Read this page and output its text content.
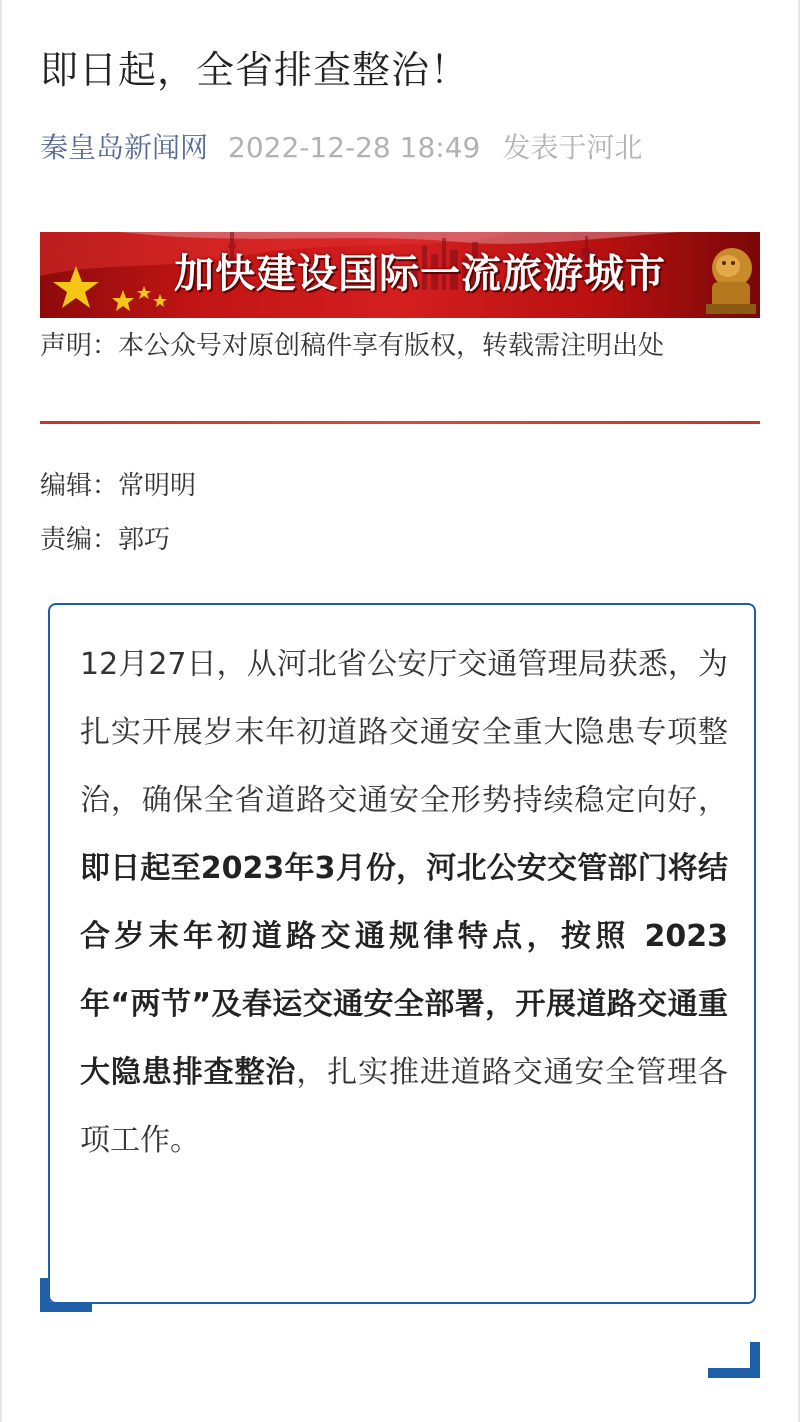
即日起，全省排查整治！
秦皇岛新闻网 2022-12-28 18:49 发表于河北
加快建设国际一流旅游城市
声明：本公众号对原创稿件享有版权，转载需注明出处
编辑：常明明
责编：郭巧

12月27日，从河北省公安厅交通管理局获悉，为扎实开展岁末年初道路交通安全重大隐患专项整治，确保全省道路交通安全形势持续稳定向好，即日起至2023年3月份，河北公安交管部门将结合岁末年初道路交通规律特点，按照 2023年“两节”及春运交通安全部署，开展道路交通重大隐患排查整治，扎实推进道路交通安全管理各项工作。
